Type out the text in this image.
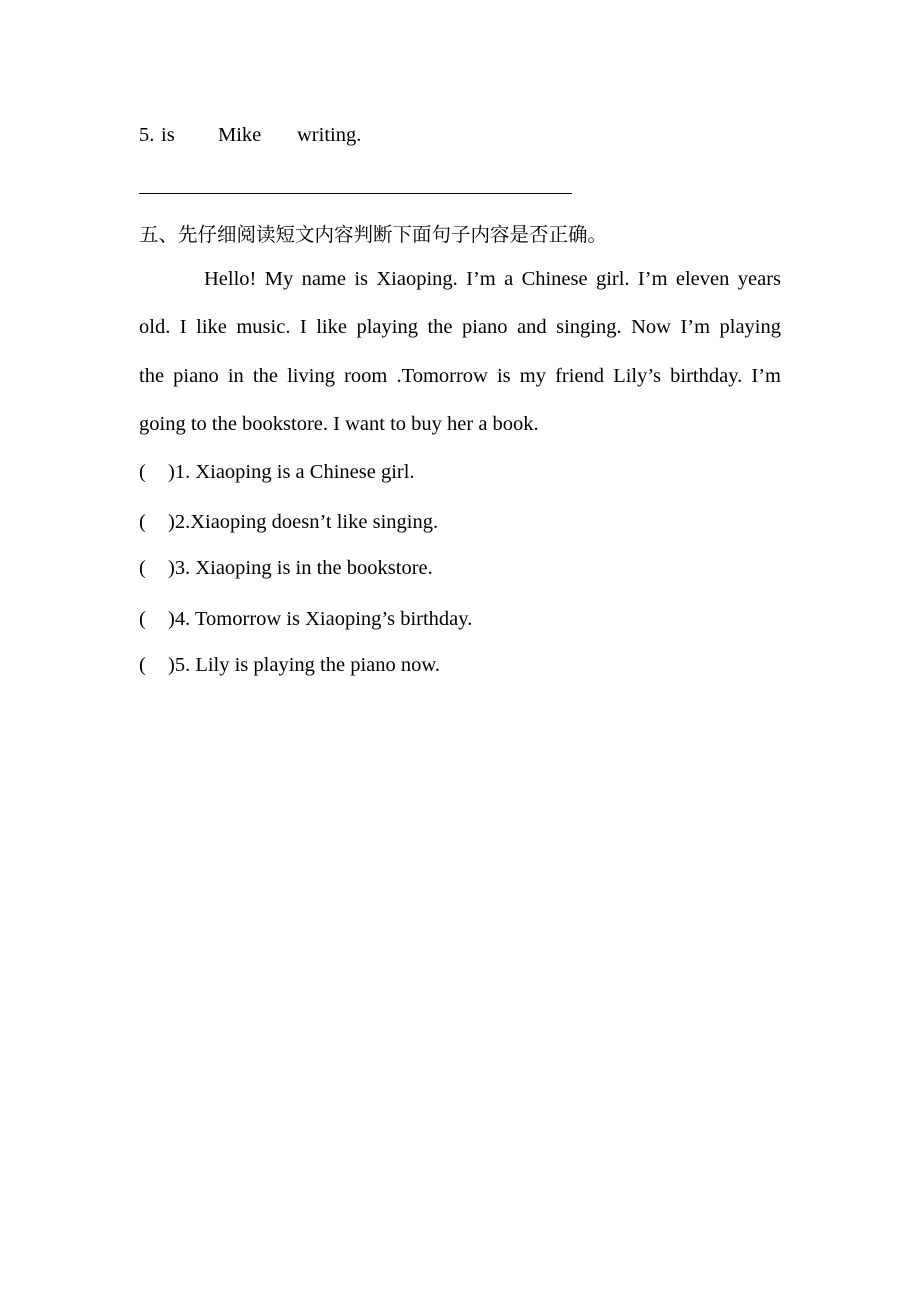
5. is Mike writing.
五、先仔细阅读短文内容判断下面句子内容是否正确。
Hello! My name is Xiaoping. I’m a Chinese girl. I’m eleven years
old. I like music. I like playing the piano and singing. Now I’m playing
the piano in the living room .Tomorrow is my friend Lily’s birthday. I’m
going to the bookstore. I want to buy her a book.
( )1. Xiaoping is a Chinese girl.
( )2.Xiaoping doesn’t like singing.
( )3. Xiaoping is in the bookstore.
( )4. Tomorrow is Xiaoping’s birthday.
( )5. Lily is playing the piano now.
